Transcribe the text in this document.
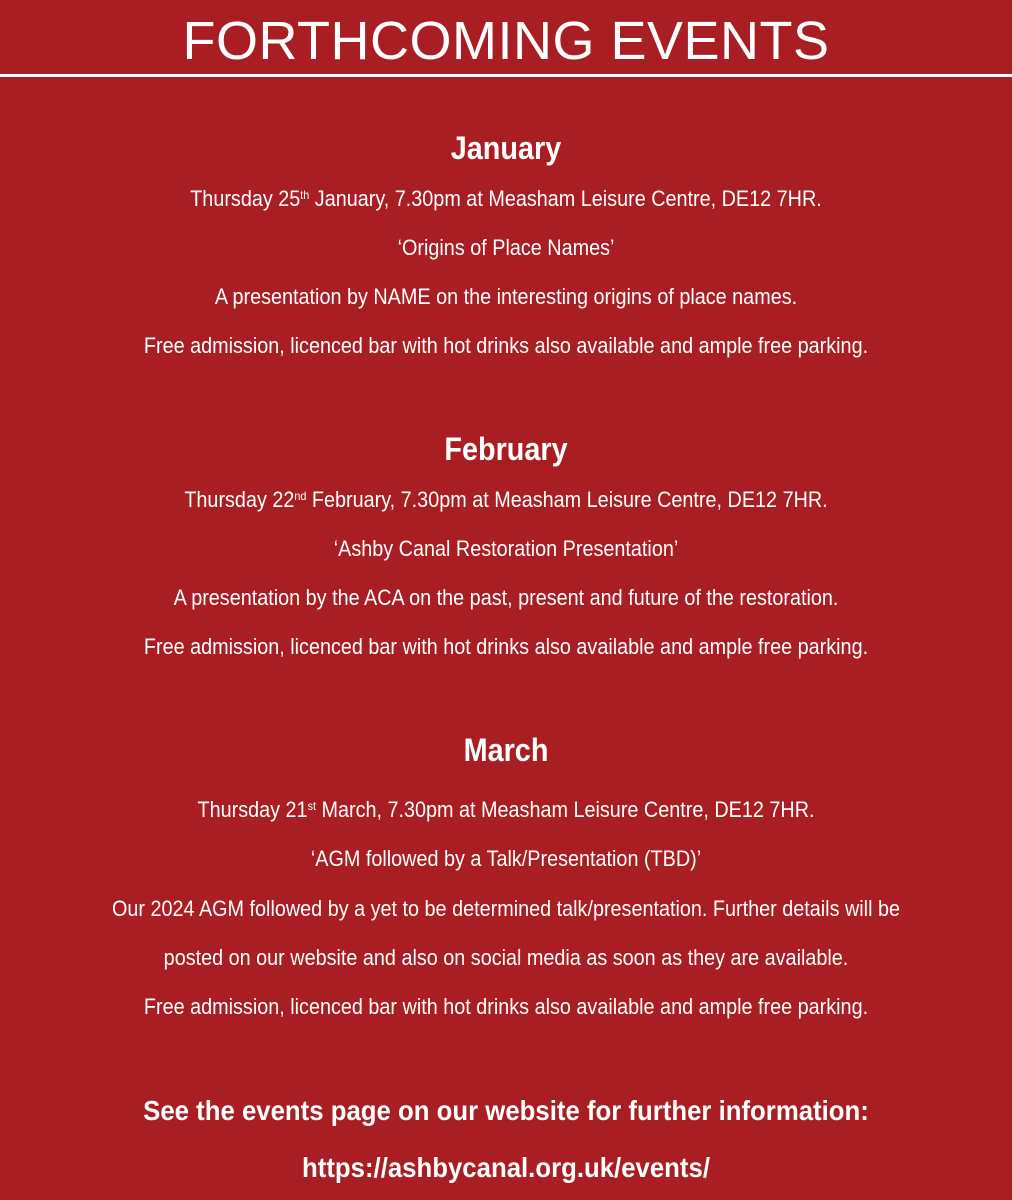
FORTHCOMING EVENTS
January
Thursday 25th January, 7.30pm at Measham Leisure Centre, DE12 7HR.
‘Origins of Place Names’
A presentation by NAME on the interesting origins of place names.
Free admission, licenced bar with hot drinks also available and ample free parking.
February
Thursday 22nd February, 7.30pm at Measham Leisure Centre, DE12 7HR.
‘Ashby Canal Restoration Presentation’
A presentation by the ACA on the past, present and future of the restoration.
Free admission, licenced bar with hot drinks also available and ample free parking.
March
Thursday 21st March, 7.30pm at Measham Leisure Centre, DE12 7HR.
‘AGM followed by a Talk/Presentation (TBD)’
Our 2024 AGM followed by a yet to be determined talk/presentation. Further details will be
posted on our website and also on social media as soon as they are available.
Free admission, licenced bar with hot drinks also available and ample free parking.
See the events page on our website for further information:
https://ashbycanal.org.uk/events/
